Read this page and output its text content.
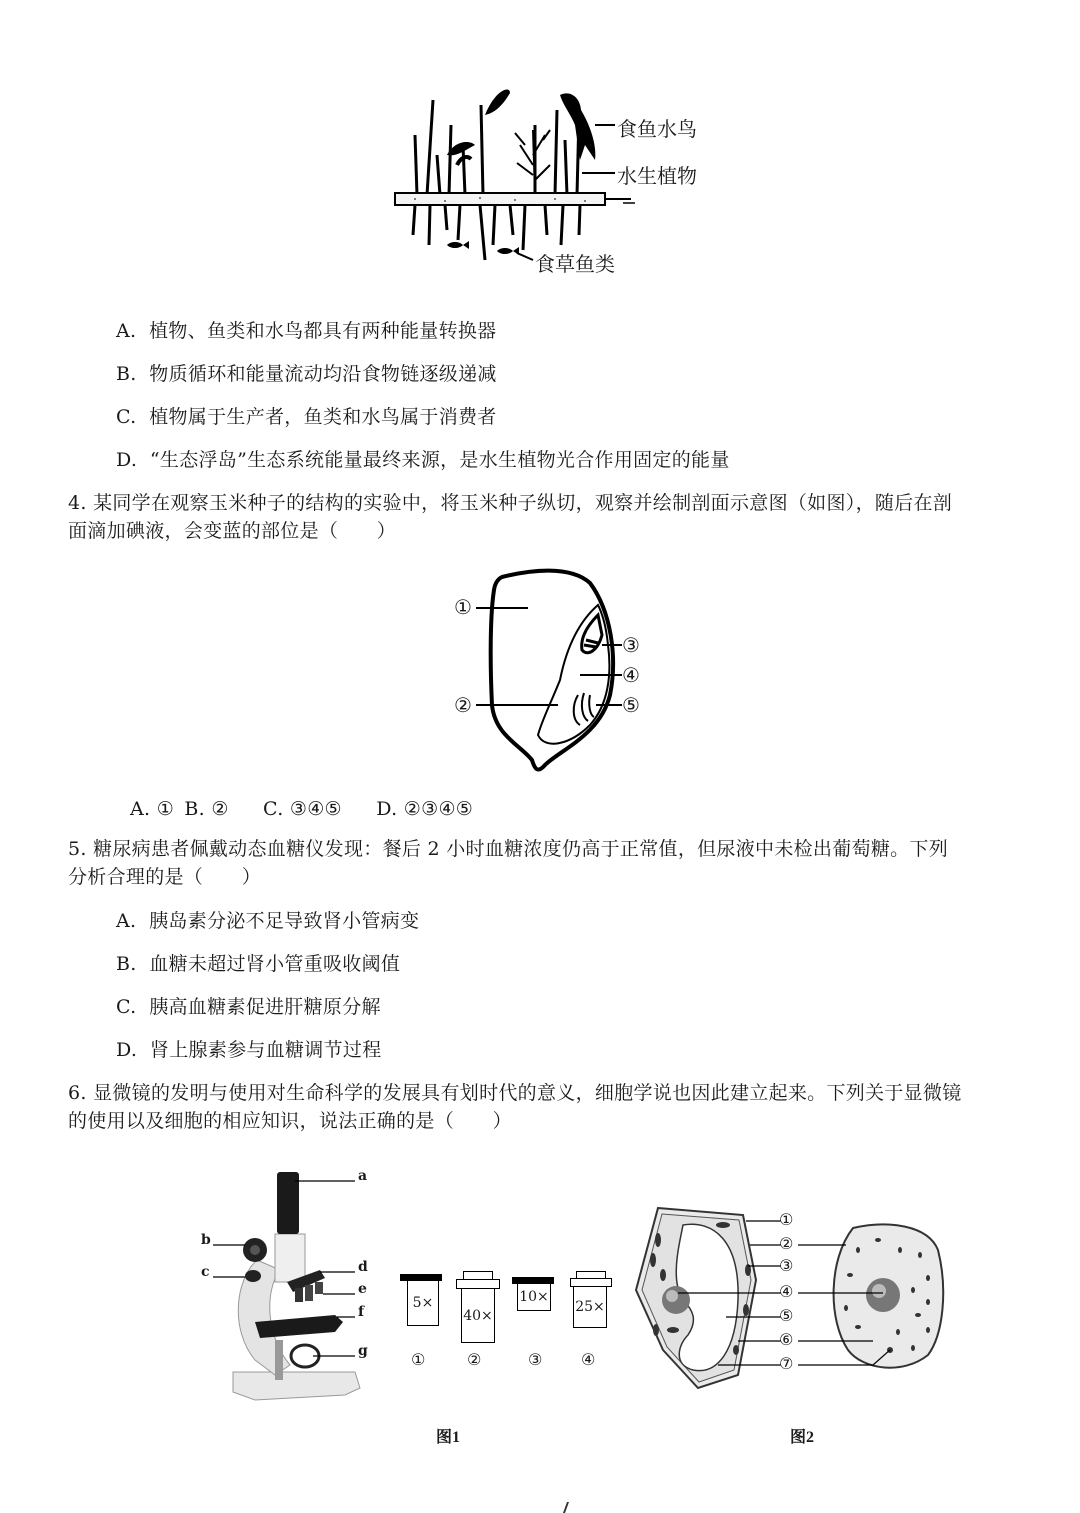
食鱼水鸟
水生植物
食草鱼类
A. 植物、鱼类和水鸟都具有两种能量转换器
B. 物质循环和能量流动均沿食物链逐级递减
C. 植物属于生产者，鱼类和水鸟属于消费者
D. “生态浮岛”生态系统能量最终来源，是水生植物光合作用固定的能量
4. 某同学在观察玉米种子的结构的实验中，将玉米种子纵切，观察并绘制剖面示意图（如图），随后在剖
面滴加碘液，会变蓝的部位是（　　）
①
②
③
④
⑤
A. ① B. ② C. ③④⑤ D. ②③④⑤
5. 糖尿病患者佩戴动态血糖仪发现：餐后 2 小时血糖浓度仍高于正常值，但尿液中未检出葡萄糖。下列
分析合理的是（　　）
A. 胰岛素分泌不足导致肾小管病变
B. 血糖未超过肾小管重吸收阈值
C. 胰高血糖素促进肝糖原分解
D. 肾上腺素参与血糖调节过程
6. 显微镜的发明与使用对生命科学的发展具有划时代的意义，细胞学说也因此建立起来。下列关于显微镜
的使用以及细胞的相应知识，说法正确的是（　　）
a
b
c	d
e
f
g
5×
40×
10×
25×
①	②	③ ④
①
②
③
④
⑤
⑥
⑦
图1	图2
